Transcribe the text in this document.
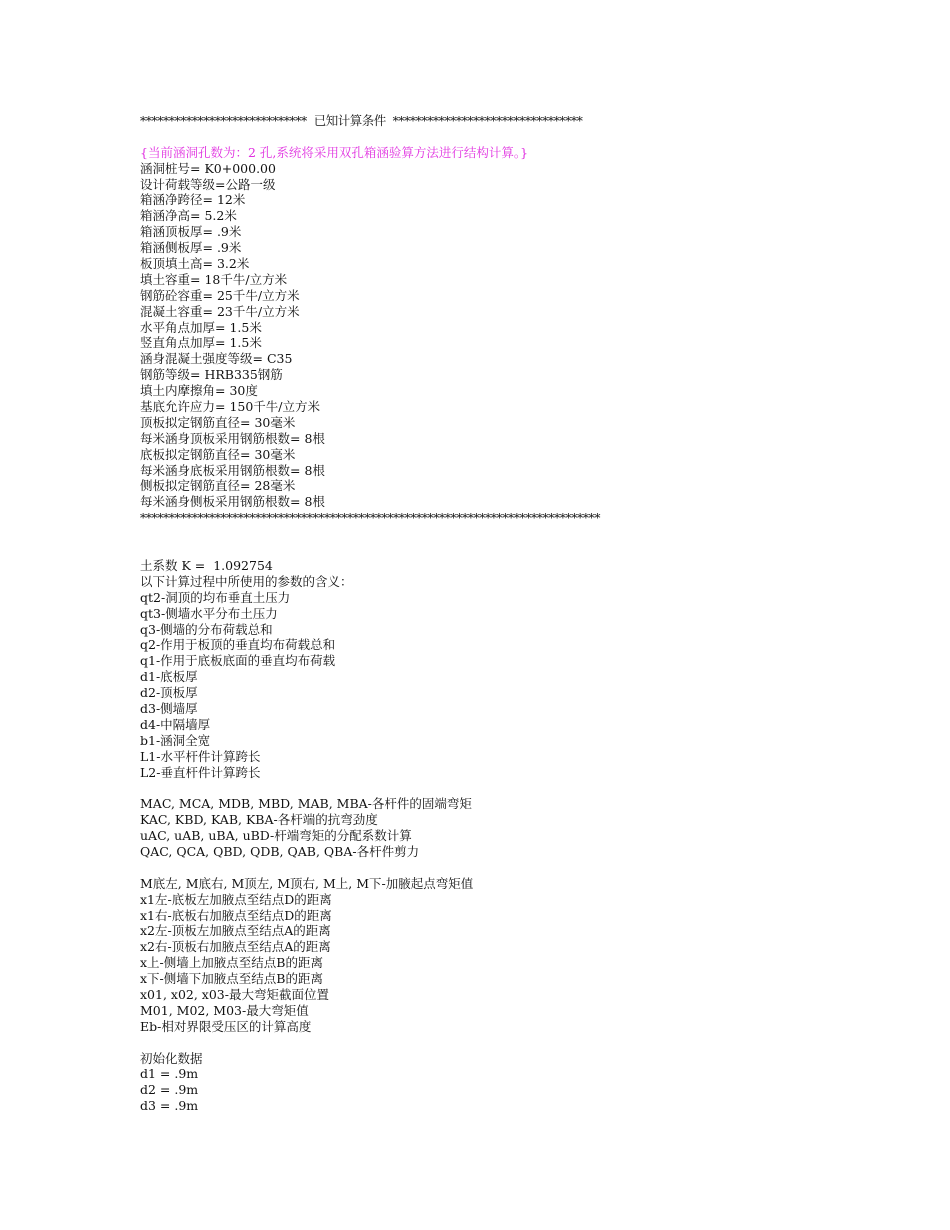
*****************************  已知计算条件  *********************************
{当前涵洞孔数为：2 孔,系统将采用双孔箱涵验算方法进行结构计算。}
涵洞桩号= K0+000.00
设计荷载等级=公路一级
箱涵净跨径= 12米
箱涵净高= 5.2米
箱涵顶板厚= .9米
箱涵侧板厚= .9米
板顶填土高= 3.2米
填土容重= 18千牛/立方米
钢筋砼容重= 25千牛/立方米
混凝土容重= 23千牛/立方米
水平角点加厚= 1.5米
竖直角点加厚= 1.5米
涵身混凝土强度等级= C35
钢筋等级= HRB335钢筋
填土内摩擦角= 30度
基底允许应力= 150千牛/立方米
顶板拟定钢筋直径= 30毫米
每米涵身顶板采用钢筋根数= 8根
底板拟定钢筋直径= 30毫米
每米涵身底板采用钢筋根数= 8根
侧板拟定钢筋直径= 28毫米
每米涵身侧板采用钢筋根数= 8根
********************************************************************************
土系数 K =  1.092754
以下计算过程中所使用的参数的含义：
qt2-洞顶的均布垂直土压力
qt3-侧墙水平分布土压力
q3-侧墙的分布荷载总和
q2-作用于板顶的垂直均布荷载总和
q1-作用于底板底面的垂直均布荷载
d1-底板厚
d2-顶板厚
d3-侧墙厚
d4-中隔墙厚
b1-涵洞全宽
L1-水平杆件计算跨长
L2-垂直杆件计算跨长
MAC, MCA, MDB, MBD, MAB, MBA-各杆件的固端弯矩
KAC, KBD, KAB, KBA-各杆端的抗弯劲度
uAC, uAB, uBA, uBD-杆端弯矩的分配系数计算
QAC, QCA, QBD, QDB, QAB, QBA-各杆件剪力
M底左, M底右, M顶左, M顶右, M上, M下-加腋起点弯矩值
x1左-底板左加腋点至结点D的距离
x1右-底板右加腋点至结点D的距离
x2左-顶板左加腋点至结点A的距离
x2右-顶板右加腋点至结点A的距离
x上-侧墙上加腋点至结点B的距离
x下-侧墙下加腋点至结点B的距离
x01, x02, x03-最大弯矩截面位置
M01, M02, M03-最大弯矩值
Eb-相对界限受压区的计算高度
初始化数据
d1 = .9m
d2 = .9m
d3 = .9m
